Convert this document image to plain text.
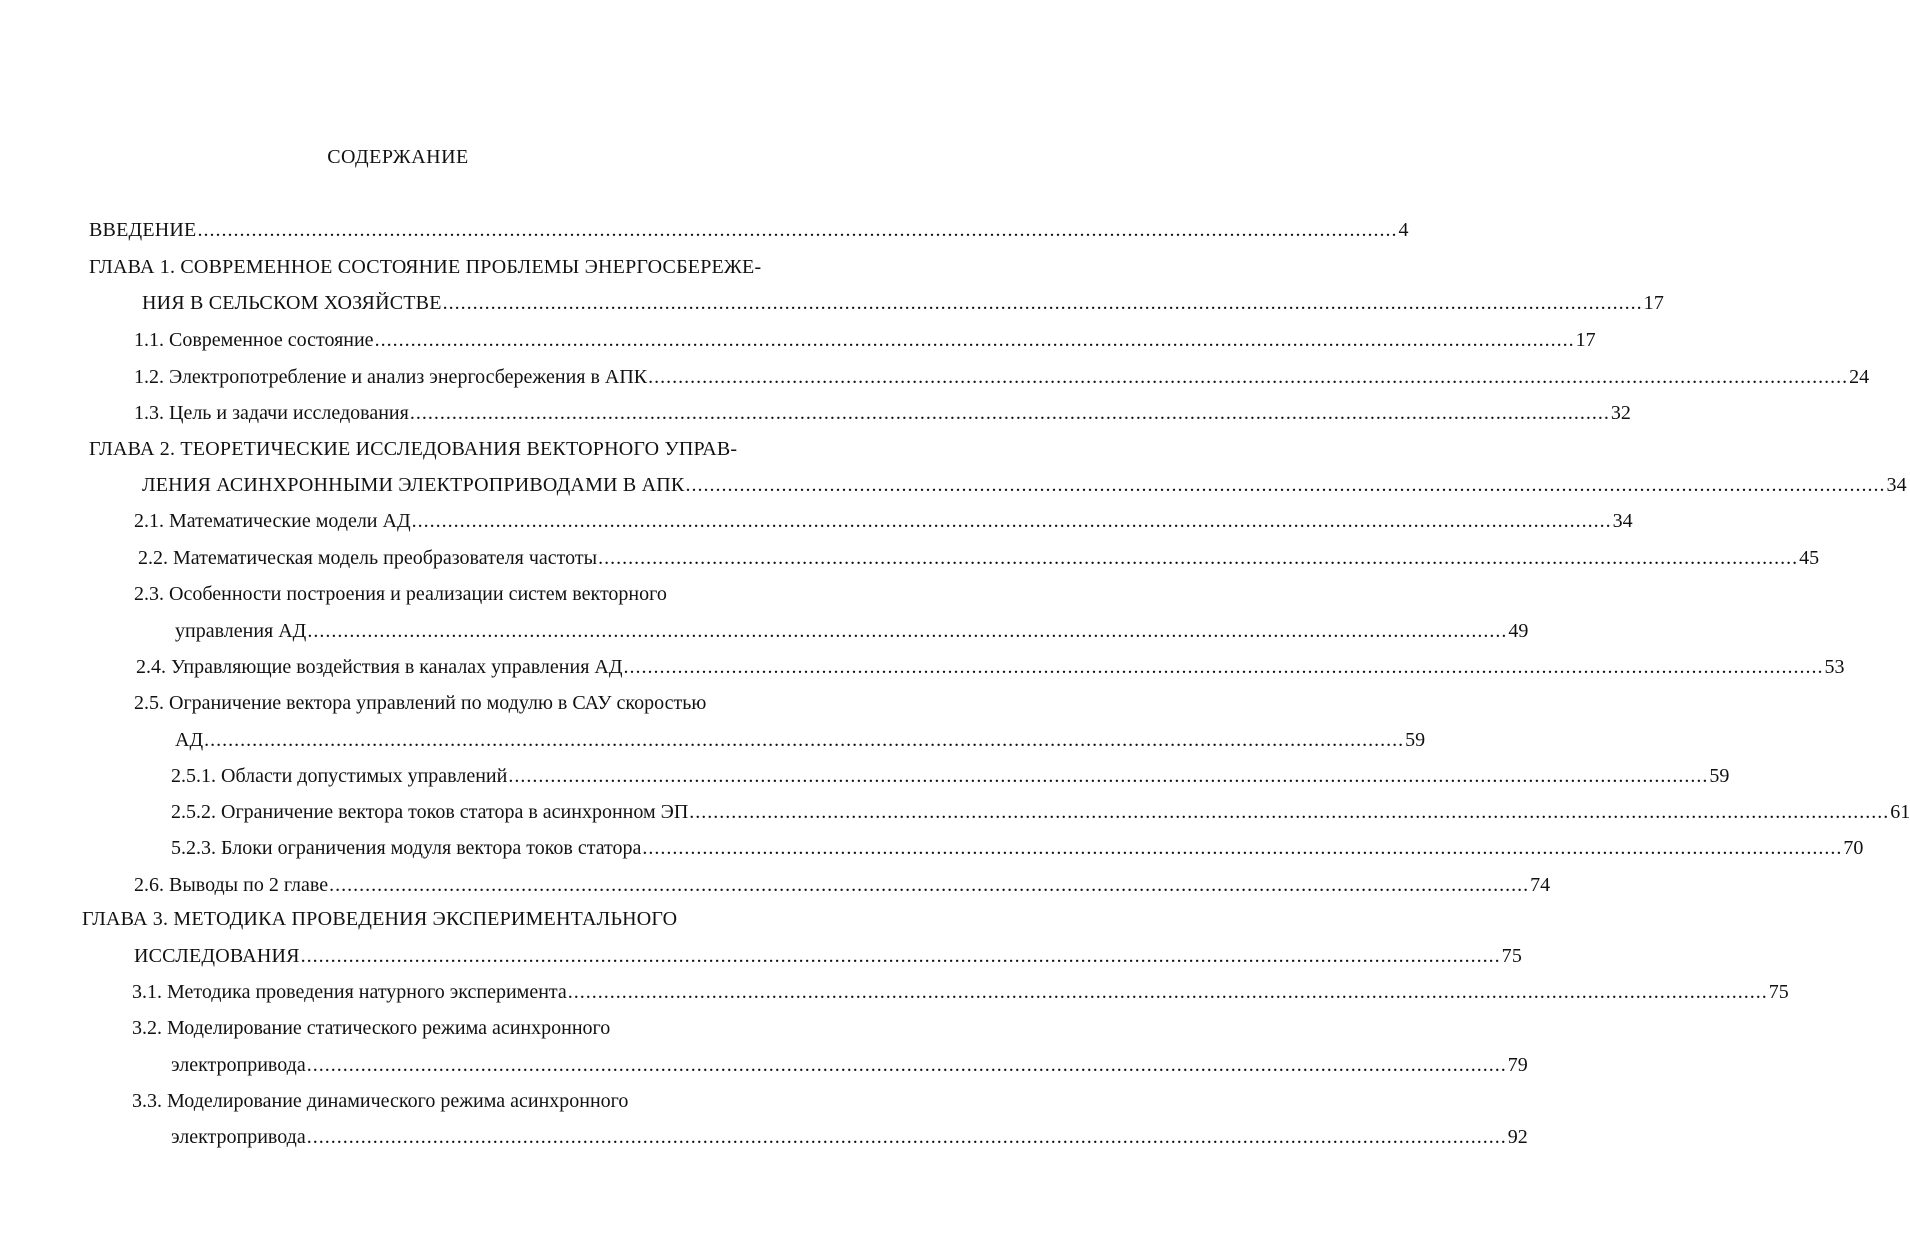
СОДЕРЖАНИЕ
ВВЕДЕНИЕ ........................................................................................................................................................................................................ 4
ГЛАВА 1. СОВРЕМЕННОЕ СОСТОЯНИЕ ПРОБЛЕМЫ ЭНЕРГОСБЕРЕЖЕ-
НИЯ В СЕЛЬСКОМ ХОЗЯЙСТВЕ ........................................................................................................................................................................................................ 17
1.1. Современное состояние ........................................................................................................................................................................................................ 17
1.2. Электропотребление и анализ энергосбережения в АПК ........................................................................................................................................................................................................ 24
1.3. Цель и задачи исследования ........................................................................................................................................................................................................ 32
ГЛАВА 2. ТЕОРЕТИЧЕСКИЕ ИССЛЕДОВАНИЯ ВЕКТОРНОГО УПРАВ-
ЛЕНИЯ АСИНХРОННЫМИ ЭЛЕКТРОПРИВОДАМИ В АПК ........................................................................................................................................................................................................ 34
2.1. Математические модели АД ........................................................................................................................................................................................................ 34
2.2. Математическая модель преобразователя частоты ........................................................................................................................................................................................................ 45
2.3. Особенности построения и реализации систем векторного
управления АД ........................................................................................................................................................................................................ 49
2.4. Управляющие воздействия в каналах управления АД ........................................................................................................................................................................................................ 53
2.5. Ограничение вектора управлений по модулю в САУ скоростью
АД ........................................................................................................................................................................................................ 59
2.5.1. Области допустимых управлений ........................................................................................................................................................................................................ 59
2.5.2. Ограничение вектора токов статора в асинхронном ЭП ........................................................................................................................................................................................................ 61
5.2.3. Блоки ограничения модуля вектора токов статора ........................................................................................................................................................................................................ 70
2.6. Выводы по 2 главе ........................................................................................................................................................................................................ 74
ГЛАВА 3. МЕТОДИКА ПРОВЕДЕНИЯ ЭКСПЕРИМЕНТАЛЬНОГО
ИССЛЕДОВАНИЯ ........................................................................................................................................................................................................ 75
3.1. Методика проведения натурного эксперимента ........................................................................................................................................................................................................ 75
3.2. Моделирование статического режима асинхронного
электропривода ........................................................................................................................................................................................................ 79
3.3. Моделирование динамического режима асинхронного
электропривода ........................................................................................................................................................................................................ 92
